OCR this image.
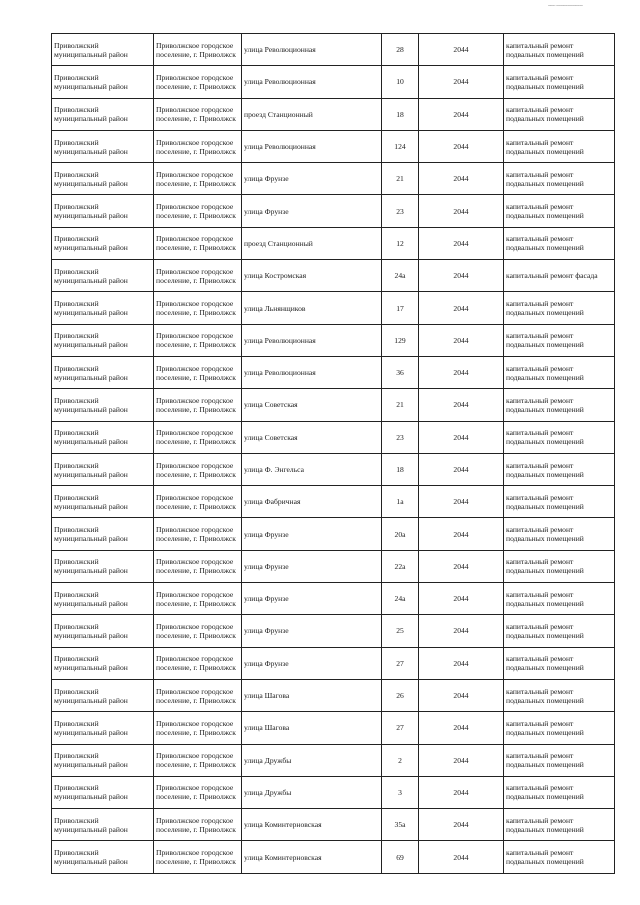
~~~ ~~~~~~~~~~~
Приволжский муниципальный район	Приволжское городское поселение, г. Приволжск	улица Революционная	28	2044	капитальный ремонт подвальных помещений
Приволжский муниципальный район	Приволжское городское поселение, г. Приволжск	улица Революционная	10	2044	капитальный ремонт подвальных помещений
Приволжский муниципальный район	Приволжское городское поселение, г. Приволжск	проезд Станционный	18	2044	капитальный ремонт подвальных помещений
Приволжский муниципальный район	Приволжское городское поселение, г. Приволжск	улица Революционная	124	2044	капитальный ремонт подвальных помещений
Приволжский муниципальный район	Приволжское городское поселение, г. Приволжск	улица Фрунзе	21	2044	капитальный ремонт подвальных помещений
Приволжский муниципальный район	Приволжское городское поселение, г. Приволжск	улица Фрунзе	23	2044	капитальный ремонт подвальных помещений
Приволжский муниципальный район	Приволжское городское поселение, г. Приволжск	проезд Станционный	12	2044	капитальный ремонт подвальных помещений
Приволжский муниципальный район	Приволжское городское поселение, г. Приволжск	улица Костромская	24а	2044	капитальный ремонт фасада
Приволжский муниципальный район	Приволжское городское поселение, г. Приволжск	улица Льнянщиков	17	2044	капитальный ремонт подвальных помещений
Приволжский муниципальный район	Приволжское городское поселение, г. Приволжск	улица Революционная	129	2044	капитальный ремонт подвальных помещений
Приволжский муниципальный район	Приволжское городское поселение, г. Приволжск	улица Революционная	36	2044	капитальный ремонт подвальных помещений
Приволжский муниципальный район	Приволжское городское поселение, г. Приволжск	улица Советская	21	2044	капитальный ремонт подвальных помещений
Приволжский муниципальный район	Приволжское городское поселение, г. Приволжск	улица Советская	23	2044	капитальный ремонт подвальных помещений
Приволжский муниципальный район	Приволжское городское поселение, г. Приволжск	улица Ф. Энгельса	18	2044	капитальный ремонт подвальных помещений
Приволжский муниципальный район	Приволжское городское поселение, г. Приволжск	улица Фабричная	1а	2044	капитальный ремонт подвальных помещений
Приволжский муниципальный район	Приволжское городское поселение, г. Приволжск	улица Фрунзе	20а	2044	капитальный ремонт подвальных помещений
Приволжский муниципальный район	Приволжское городское поселение, г. Приволжск	улица Фрунзе	22а	2044	капитальный ремонт подвальных помещений
Приволжский муниципальный район	Приволжское городское поселение, г. Приволжск	улица Фрунзе	24а	2044	капитальный ремонт подвальных помещений
Приволжский муниципальный район	Приволжское городское поселение, г. Приволжск	улица Фрунзе	25	2044	капитальный ремонт подвальных помещений
Приволжский муниципальный район	Приволжское городское поселение, г. Приволжск	улица Фрунзе	27	2044	капитальный ремонт подвальных помещений
Приволжский муниципальный район	Приволжское городское поселение, г. Приволжск	улица Шагова	26	2044	капитальный ремонт подвальных помещений
Приволжский муниципальный район	Приволжское городское поселение, г. Приволжск	улица Шагова	27	2044	капитальный ремонт подвальных помещений
Приволжский муниципальный район	Приволжское городское поселение, г. Приволжск	улица Дружбы	2	2044	капитальный ремонт подвальных помещений
Приволжский муниципальный район	Приволжское городское поселение, г. Приволжск	улица Дружбы	3	2044	капитальный ремонт подвальных помещений
Приволжский муниципальный район	Приволжское городское поселение, г. Приволжск	улица Коминтерновская	35а	2044	капитальный ремонт подвальных помещений
Приволжский муниципальный район	Приволжское городское поселение, г. Приволжск	улица Коминтерновская	69	2044	капитальный ремонт подвальных помещений
